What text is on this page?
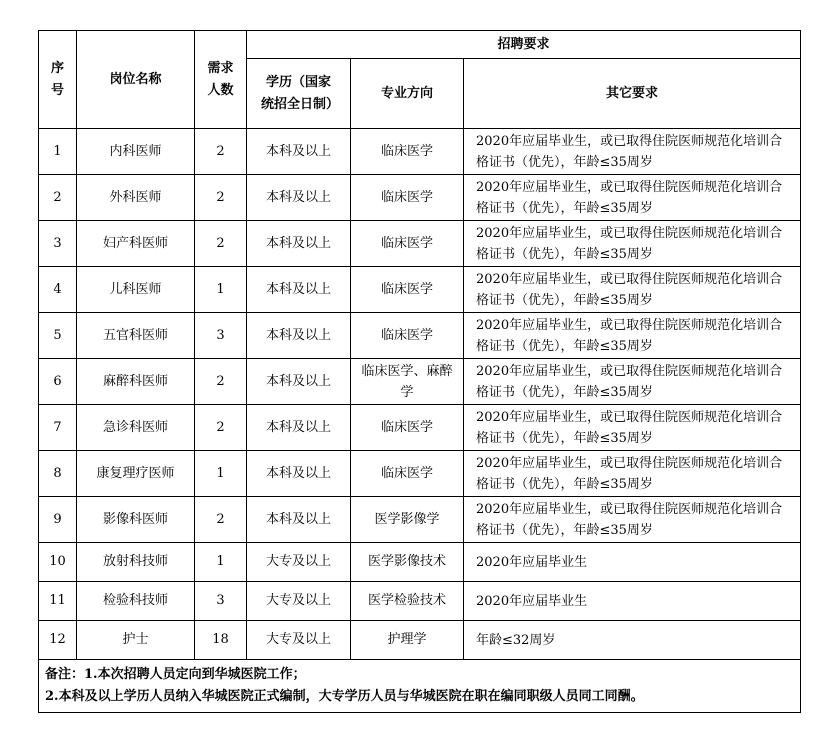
序号	岗位名称	需求人数	招聘要求		
			学历（国家统招全日制）	专业方向	其它要求
1	内科医师	2	本科及以上	临床医学	2020年应届毕业生，或已取得住院医师规范化培训合格证书（优先），年龄≤35周岁
2	外科医师	2	本科及以上	临床医学	2020年应届毕业生，或已取得住院医师规范化培训合格证书（优先），年龄≤35周岁
3	妇产科医师	2	本科及以上	临床医学	2020年应届毕业生，或已取得住院医师规范化培训合格证书（优先），年龄≤35周岁
4	儿科医师	1	本科及以上	临床医学	2020年应届毕业生，或已取得住院医师规范化培训合格证书（优先），年龄≤35周岁
5	五官科医师	3	本科及以上	临床医学	2020年应届毕业生，或已取得住院医师规范化培训合格证书（优先），年龄≤35周岁
6	麻醉科医师	2	本科及以上	临床医学、麻醉学	2020年应届毕业生，或已取得住院医师规范化培训合格证书（优先），年龄≤35周岁
7	急诊科医师	2	本科及以上	临床医学	2020年应届毕业生，或已取得住院医师规范化培训合格证书（优先），年龄≤35周岁
8	康复理疗医师	1	本科及以上	临床医学	2020年应届毕业生，或已取得住院医师规范化培训合格证书（优先），年龄≤35周岁
9	影像科医师	2	本科及以上	医学影像学	2020年应届毕业生，或已取得住院医师规范化培训合格证书（优先），年龄≤35周岁
10	放射科技师	1	大专及以上	医学影像技术	2020年应届毕业生
11	检验科技师	3	大专及以上	医学检验技术	2020年应届毕业生
12	护士	18	大专及以上	护理学	年龄≤32周岁

备注：1.本次招聘人员定向到华城医院工作；
2.本科及以上学历人员纳入华城医院正式编制，大专学历人员与华城医院在职在编同职级人员同工同酬。					
